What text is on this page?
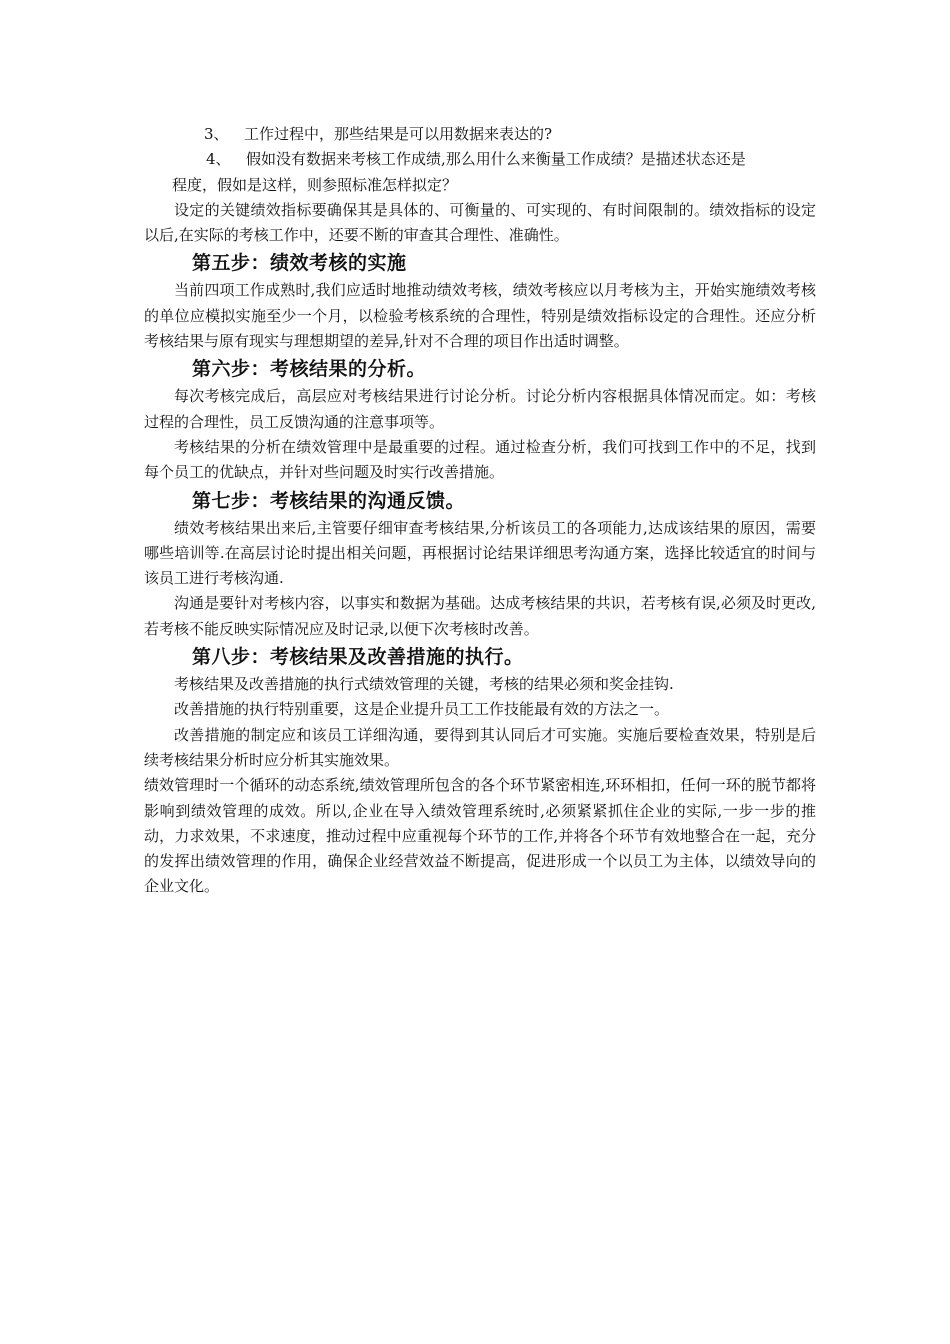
3、 工作过程中，那些结果是可以用数据来表达的?

4、 假如没有数据来考核工作成绩,那么用什么来衡量工作成绩？是描述状态还是

程度，假如是这样，则参照标准怎样拟定？

设定的关键绩效指标要确保其是具体的、可衡量的、可实现的、有时间限制的。绩效指标的设定以后,在实际的考核工作中，还要不断的审查其合理性、准确性。

第五步：绩效考核的实施

当前四项工作成熟时,我们应适时地推动绩效考核，绩效考核应以月考核为主，开始实施绩效考核的单位应模拟实施至少一个月，以检验考核系统的合理性，特别是绩效指标设定的合理性。还应分析考核结果与原有现实与理想期望的差异,针对不合理的项目作出适时调整。

第六步：考核结果的分析。

每次考核完成后，高层应对考核结果进行讨论分析。讨论分析内容根据具体情况而定。如：考核过程的合理性，员工反馈沟通的注意事项等。

考核结果的分析在绩效管理中是最重要的过程。通过检查分析，我们可找到工作中的不足，找到每个员工的优缺点，并针对些问题及时实行改善措施。

第七步：考核结果的沟通反馈。

绩效考核结果出来后,主管要仔细审查考核结果,分析该员工的各项能力,达成该结果的原因，需要哪些培训等.在高层讨论时提出相关问题，再根据讨论结果详细思考沟通方案，选择比较适宜的时间与该员工进行考核沟通.

沟通是要针对考核内容，以事实和数据为基础。达成考核结果的共识，若考核有误,必须及时更改,若考核不能反映实际情况应及时记录,以便下次考核时改善。

第八步：考核结果及改善措施的执行。

考核结果及改善措施的执行式绩效管理的关键，考核的结果必须和奖金挂钩.

改善措施的执行特别重要，这是企业提升员工工作技能最有效的方法之一。

改善措施的制定应和该员工详细沟通，要得到其认同后才可实施。实施后要检查效果，特别是后续考核结果分析时应分析其实施效果。

绩效管理时一个循环的动态系统,绩效管理所包含的各个环节紧密相连,环环相扣，任何一环的脱节都将影响到绩效管理的成效。所以,企业在导入绩效管理系统时,必须紧紧抓住企业的实际,一步一步的推动，力求效果，不求速度，推动过程中应重视每个环节的工作,并将各个环节有效地整合在一起，充分的发挥出绩效管理的作用，确保企业经营效益不断提高，促进形成一个以员工为主体，以绩效导向的企业文化。
